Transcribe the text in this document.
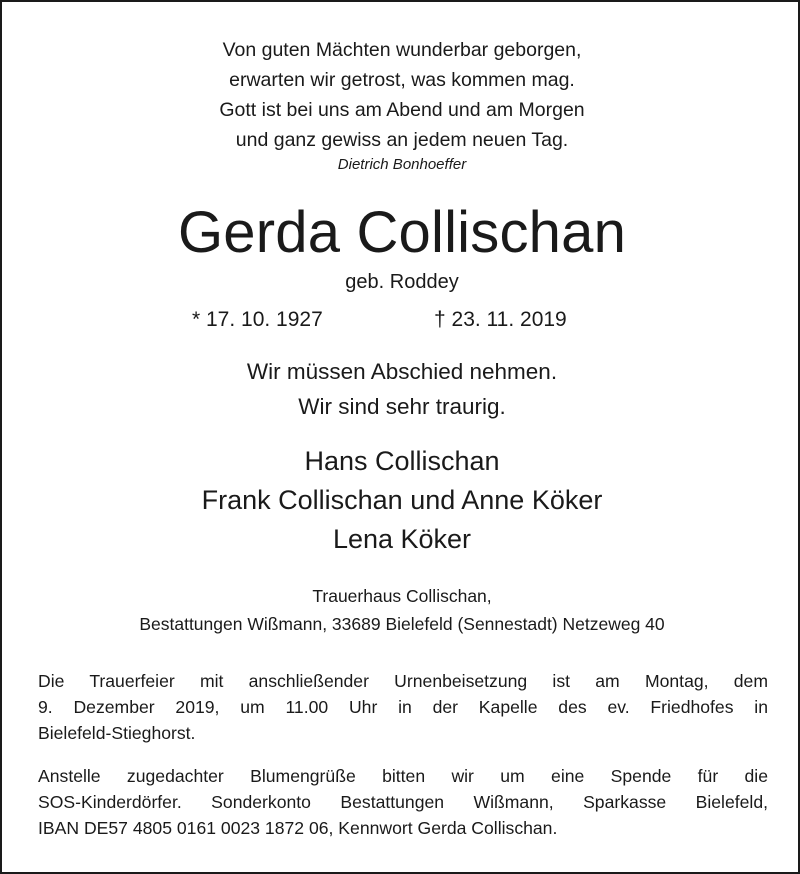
Von guten Mächten wunderbar geborgen,
erwarten wir getrost, was kommen mag.
Gott ist bei uns am Abend und am Morgen
und ganz gewiss an jedem neuen Tag.
Dietrich Bonhoeffer
Gerda Collischan
geb. Roddey
* 17. 10. 1927	† 23. 11. 2019
Wir müssen Abschied nehmen.
Wir sind sehr traurig.
Hans Collischan
Frank Collischan und Anne Köker
Lena Köker
Trauerhaus Collischan,
Bestattungen Wißmann, 33689 Bielefeld (Sennestadt) Netzeweg 40
Die Trauerfeier mit anschließender Urnenbeisetzung ist am Montag, dem
9. Dezember 2019, um 11.00 Uhr in der Kapelle des ev. Friedhofes in
Bielefeld-Stieghorst.
Anstelle zugedachter Blumengrüße bitten wir um eine Spende für die
SOS-Kinderdörfer. Sonderkonto Bestattungen Wißmann, Sparkasse Bielefeld,
IBAN DE57 4805 0161 0023 1872 06, Kennwort Gerda Collischan.
